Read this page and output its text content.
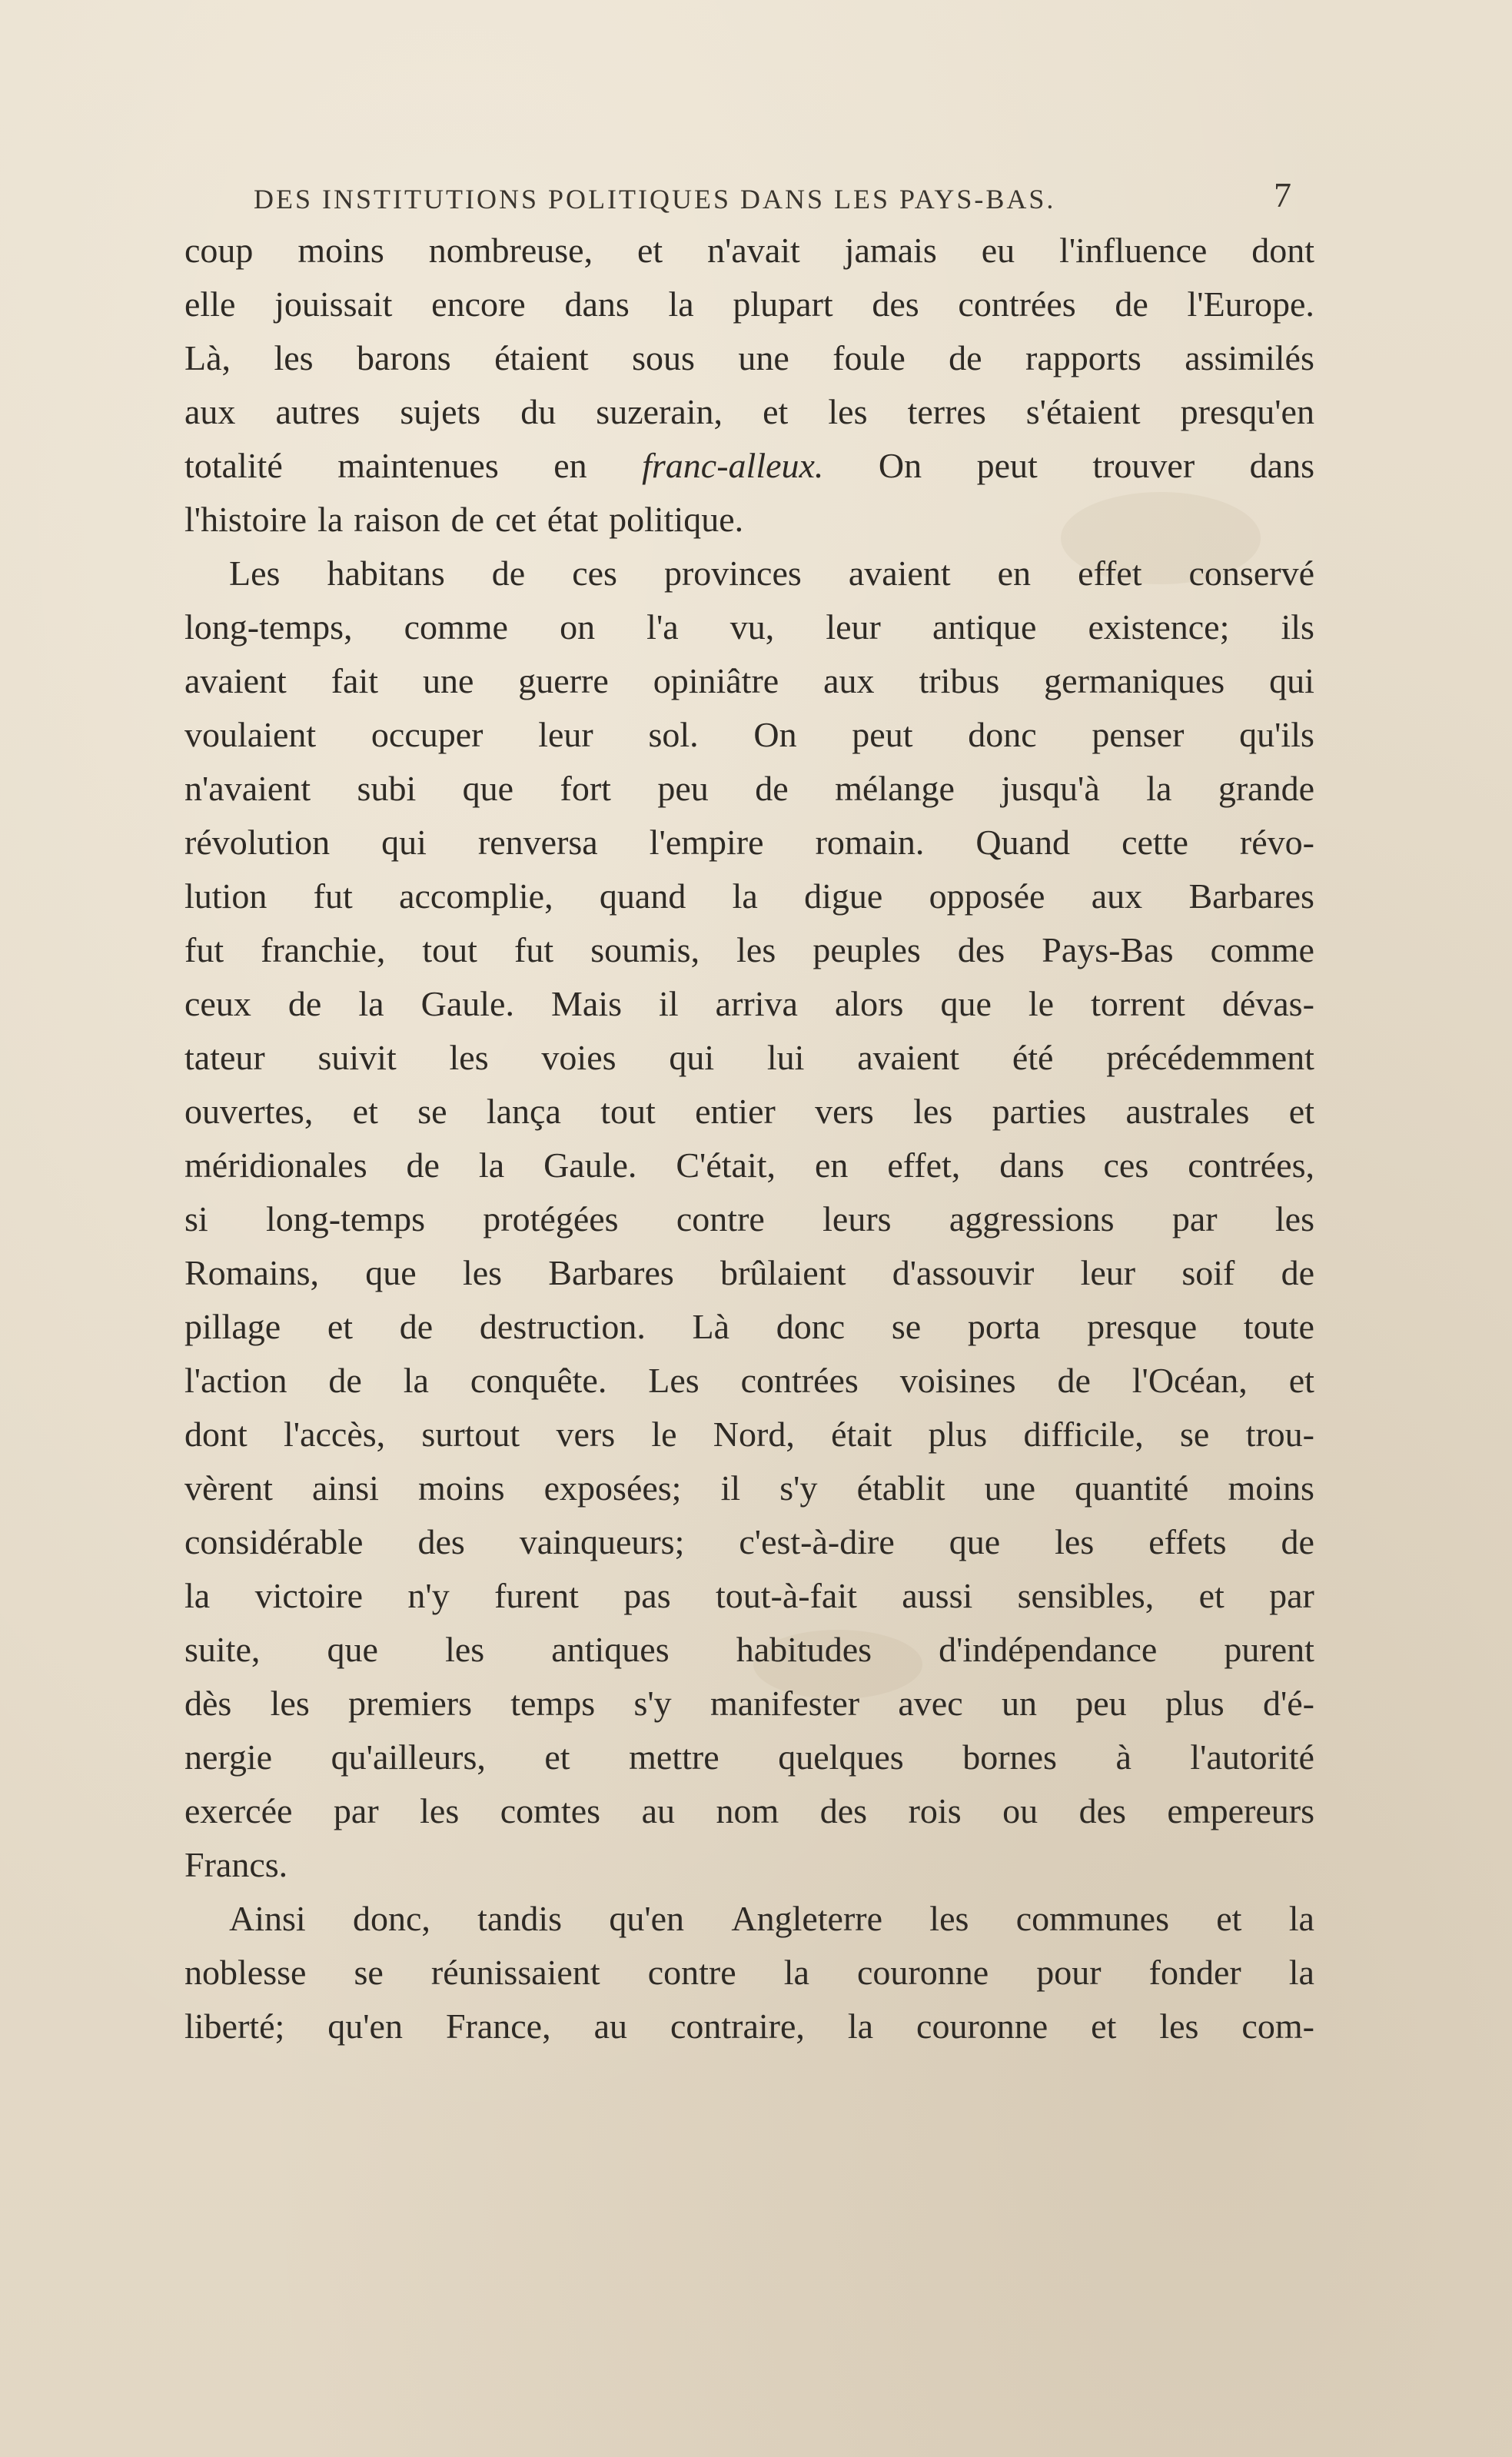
DES INSTITUTIONS POLITIQUES DANS LES PAYS-BAS.	7
coup moins nombreuse, et n'avait jamais eu l'influence dont
elle jouissait encore dans la plupart des contrées de l'Europe.
Là, les barons étaient sous une foule de rapports assimilés
aux autres sujets du suzerain, et les terres s'étaient presqu'en
totalité maintenues en franc-alleux. On peut trouver dans
l'histoire la raison de cet état politique.
Les habitans de ces provinces avaient en effet conservé
long-temps, comme on l'a vu, leur antique existence; ils
avaient fait une guerre opiniâtre aux tribus germaniques qui
voulaient occuper leur sol. On peut donc penser qu'ils
n'avaient subi que fort peu de mélange jusqu'à la grande
révolution qui renversa l'empire romain. Quand cette révo-
lution fut accomplie, quand la digue opposée aux Barbares
fut franchie, tout fut soumis, les peuples des Pays-Bas comme
ceux de la Gaule. Mais il arriva alors que le torrent dévas-
tateur suivit les voies qui lui avaient été précédemment
ouvertes, et se lança tout entier vers les parties australes et
méridionales de la Gaule. C'était, en effet, dans ces contrées,
si long-temps protégées contre leurs aggressions par les
Romains, que les Barbares brûlaient d'assouvir leur soif de
pillage et de destruction. Là donc se porta presque toute
l'action de la conquête. Les contrées voisines de l'Océan, et
dont l'accès, surtout vers le Nord, était plus difficile, se trou-
vèrent ainsi moins exposées; il s'y établit une quantité moins
considérable des vainqueurs; c'est-à-dire que les effets de
la victoire n'y furent pas tout-à-fait aussi sensibles, et par
suite, que les antiques habitudes d'indépendance purent
dès les premiers temps s'y manifester avec un peu plus d'é-
nergie qu'ailleurs, et mettre quelques bornes à l'autorité
exercée par les comtes au nom des rois ou des empereurs
Francs.
Ainsi donc, tandis qu'en Angleterre les communes et la
noblesse se réunissaient contre la couronne pour fonder la
liberté; qu'en France, au contraire, la couronne et les com-
